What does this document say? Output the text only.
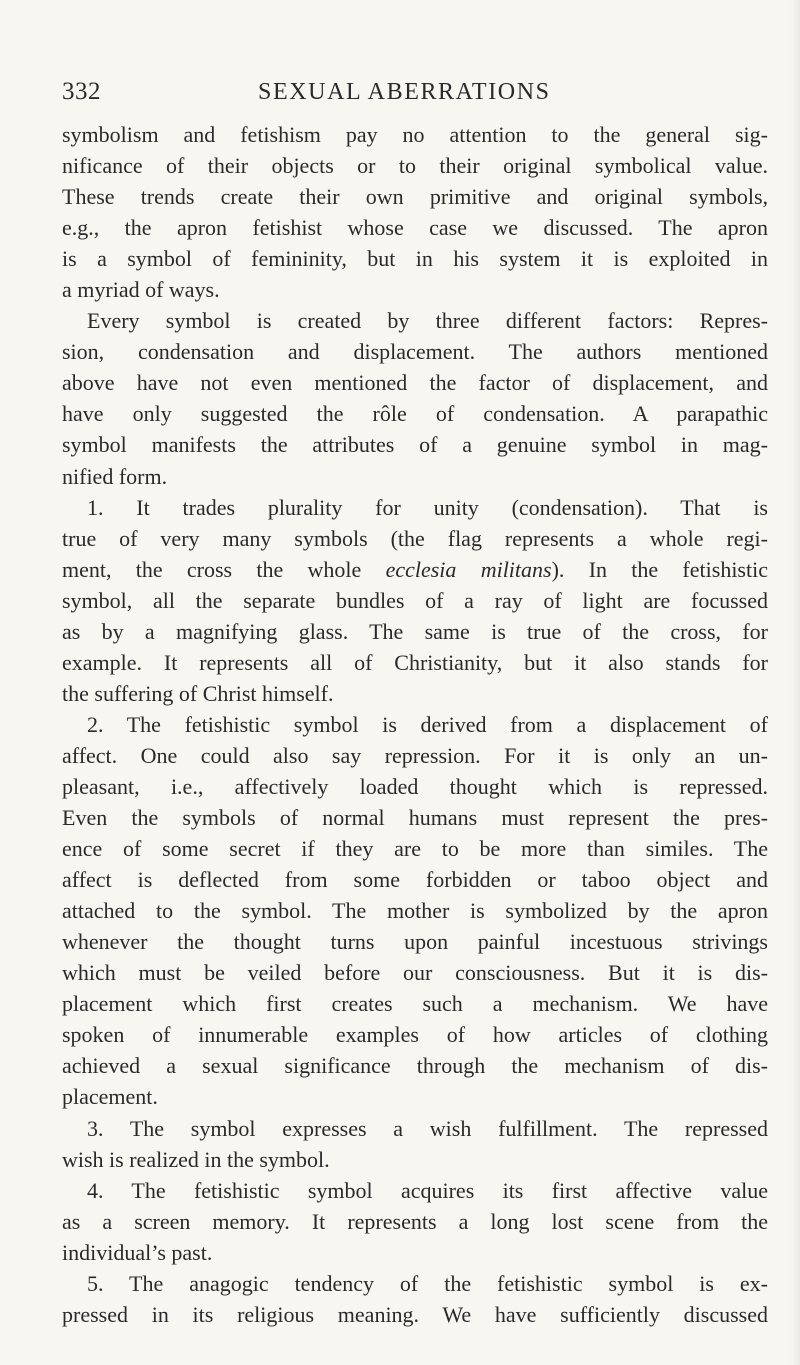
332	SEXUAL ABERRATIONS
symbolism and fetishism pay no attention to the general sig-
nificance of their objects or to their original symbolical value.
These trends create their own primitive and original symbols,
e.g., the apron fetishist whose case we discussed. The apron
is a symbol of femininity, but in his system it is exploited in
a myriad of ways.
Every symbol is created by three different factors: Repres-
sion, condensation and displacement. The authors mentioned
above have not even mentioned the factor of displacement, and
have only suggested the rôle of condensation. A parapathic
symbol manifests the attributes of a genuine symbol in mag-
nified form.
1. It trades plurality for unity (condensation). That is
true of very many symbols (the flag represents a whole regi-
ment, the cross the whole ecclesia militans). In the fetishistic
symbol, all the separate bundles of a ray of light are focussed
as by a magnifying glass. The same is true of the cross, for
example. It represents all of Christianity, but it also stands for
the suffering of Christ himself.
2. The fetishistic symbol is derived from a displacement of
affect. One could also say repression. For it is only an un-
pleasant, i.e., affectively loaded thought which is repressed.
Even the symbols of normal humans must represent the pres-
ence of some secret if they are to be more than similes. The
affect is deflected from some forbidden or taboo object and
attached to the symbol. The mother is symbolized by the apron
whenever the thought turns upon painful incestuous strivings
which must be veiled before our consciousness. But it is dis-
placement which first creates such a mechanism. We have
spoken of innumerable examples of how articles of clothing
achieved a sexual significance through the mechanism of dis-
placement.
3. The symbol expresses a wish fulfillment. The repressed
wish is realized in the symbol.
4. The fetishistic symbol acquires its first affective value
as a screen memory. It represents a long lost scene from the
individual’s past.
5. The anagogic tendency of the fetishistic symbol is ex-
pressed in its religious meaning. We have sufficiently discussed
